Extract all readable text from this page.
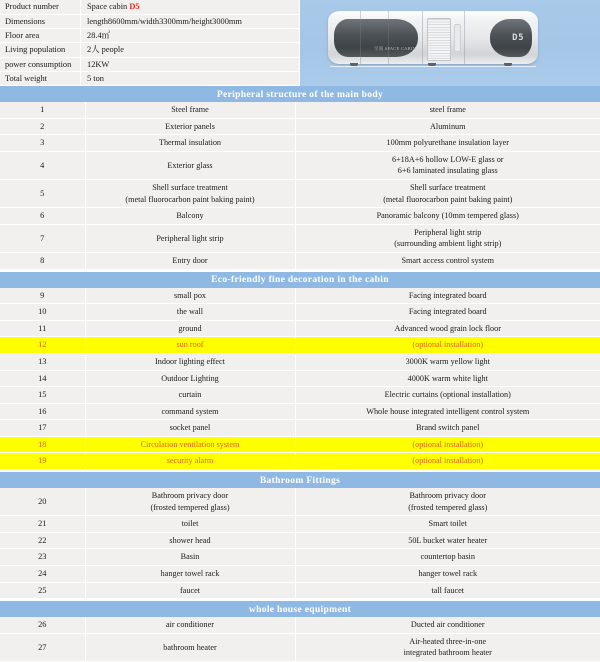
Product number	Space cabin D5
Dimensions	length8600mm/width3300mm/height3000mm
Floor area	28.4㎡
Living population	2人 people
power consumption	12KW
Total weight	5 ton
D5
空间 SPACE CABIN
Peripheral structure of the main body		
1	Steel frame	steel frame

2	Exterior panels	Aluminum

3	Thermal insulation	100mm polyurethane insulation layer

4	Exterior glass	6+18A+6 hollow LOW-E glass or
6+6 laminated insulating glass

5	Shell surface treatment
(metal fluorocarbon paint baking paint)	Shell surface treatment
(metal fluorocarbon paint baking paint)

6	Balcony	Panoramic balcony (10mm tempered glass)

7	Peripheral light strip	Peripheral light strip
(surrounding ambient light strip)

8	Entry door	Smart access control system

Eco-friendly fine decoration in the cabin		
9	small pox	Facing integrated board

10	the wall	Facing integrated board

11	ground	Advanced wood grain lock floor

12	sun roof	(optional installation)

13	Indoor lighting effect	3000K warm yellow light

14	Outdoor Lighting	4000K warm white light

15	curtain	Electric curtains (optional installation)

16	command system	Whole house integrated intelligent control system

17	socket panel	Brand switch panel

18	Circulation ventilation system	(optional installation)

19	security alarm	(optional installation)

Bathroom Fittings		
20	Bathroom privacy door
(frosted tempered glass)	Bathroom privacy door
(frosted tempered glass)

21	toilet	Smart toilet

22	shower head	50L bucket water heater

23	Basin	countertop basin

24	hanger towel rack	hanger towel rack

25	faucet	tall faucet

whole house equipment		
26	air conditioner	Ducted air conditioner

27	bathroom heater	Air-heated three-in-one
integrated bathroom heater
